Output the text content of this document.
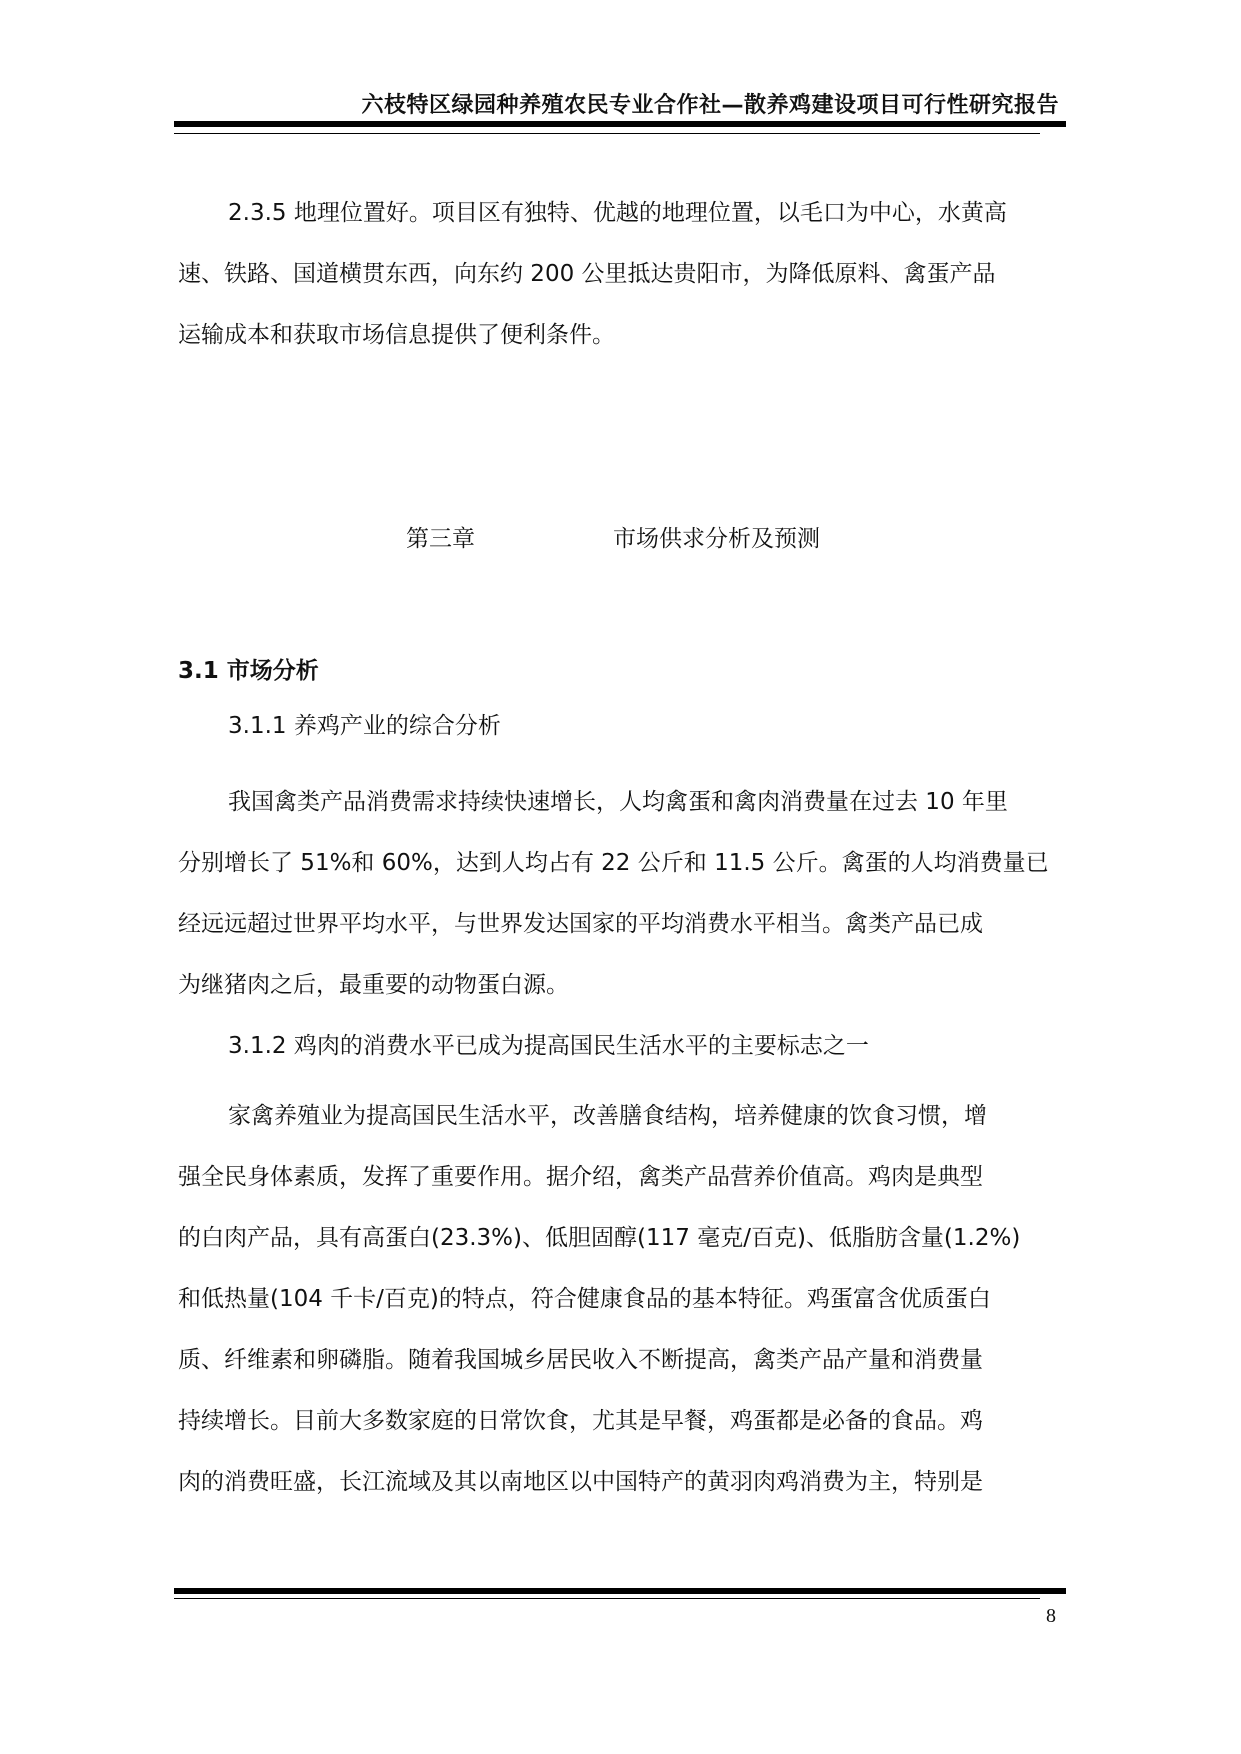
六枝特区绿园种养殖农民专业合作社—散养鸡建设项目可行性研究报告
2.3.5 地理位置好。项目区有独特、优越的地理位置，以毛口为中心，水黄高
速、铁路、国道横贯东西，向东约 200 公里抵达贵阳市，为降低原料、禽蛋产品
运输成本和获取市场信息提供了便利条件。
第三章	市场供求分析及预测
3.1 市场分析
3.1.1 养鸡产业的综合分析
我国禽类产品消费需求持续快速增长，人均禽蛋和禽肉消费量在过去 10 年里
分别增长了 51%和 60%，达到人均占有 22 公斤和 11.5 公斤。禽蛋的人均消费量已
经远远超过世界平均水平，与世界发达国家的平均消费水平相当。禽类产品已成
为继猪肉之后，最重要的动物蛋白源。
3.1.2 鸡肉的消费水平已成为提高国民生活水平的主要标志之一
家禽养殖业为提高国民生活水平，改善膳食结构，培养健康的饮食习惯，增
强全民身体素质，发挥了重要作用。据介绍，禽类产品营养价值高。鸡肉是典型
的白肉产品，具有高蛋白(23.3%)、低胆固醇(117 毫克/百克)、低脂肪含量(1.2%)
和低热量(104 千卡/百克)的特点，符合健康食品的基本特征。鸡蛋富含优质蛋白
质、纤维素和卵磷脂。随着我国城乡居民收入不断提高，禽类产品产量和消费量
持续增长。目前大多数家庭的日常饮食，尤其是早餐，鸡蛋都是必备的食品。鸡
肉的消费旺盛，长江流域及其以南地区以中国特产的黄羽肉鸡消费为主，特别是
8
